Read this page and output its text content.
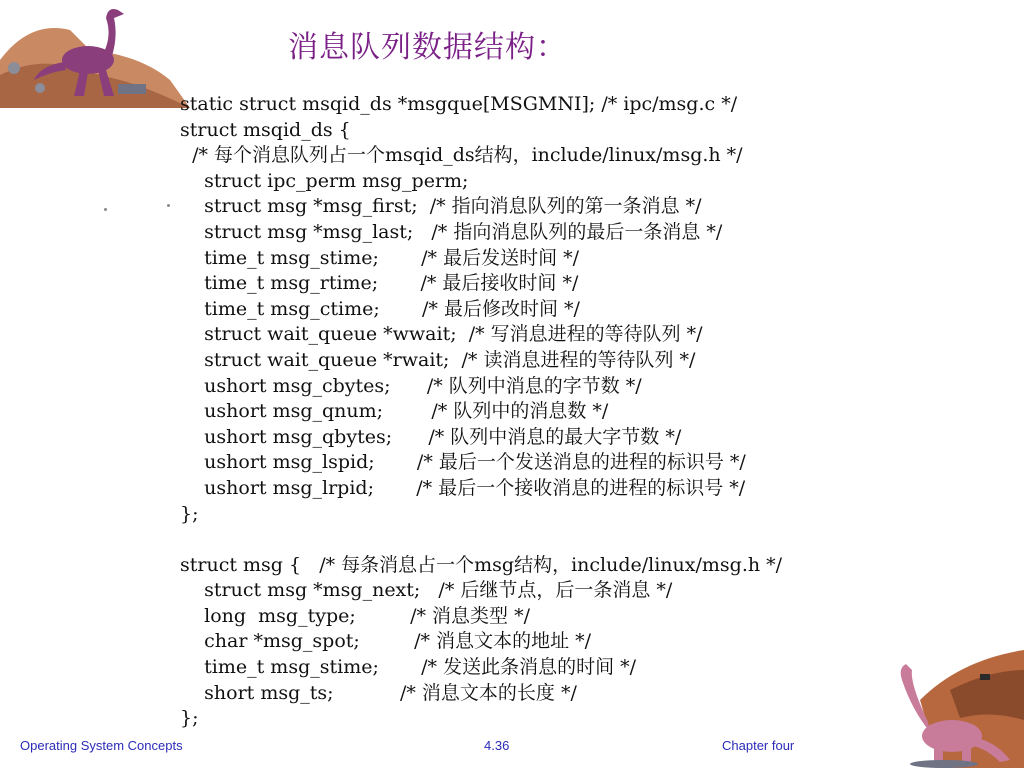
消息队列数据结构：
static struct msqid_ds *msgque[MSGMNI]; /* ipc/msg.c */
struct msqid_ds {
/* 每个消息队列占一个msqid_ds结构，include/linux/msg.h */
struct ipc_perm msg_perm;
struct msg *msg_first;  /* 指向消息队列的第一条消息 */
struct msg *msg_last;   /* 指向消息队列的最后一条消息 */
time_t msg_stime;       /* 最后发送时间 */
time_t msg_rtime;       /* 最后接收时间 */
time_t msg_ctime;       /* 最后修改时间 */
struct wait_queue *wwait;  /* 写消息进程的等待队列 */
struct wait_queue *rwait;  /* 读消息进程的等待队列 */
ushort msg_cbytes;      /* 队列中消息的字节数 */
ushort msg_qnum;        /* 队列中的消息数 */
ushort msg_qbytes;      /* 队列中消息的最大字节数 */
ushort msg_lspid;       /* 最后一个发送消息的进程的标识号 */
ushort msg_lrpid;       /* 最后一个接收消息的进程的标识号 */
};
struct msg {   /* 每条消息占一个msg结构，include/linux/msg.h */
struct msg *msg_next;   /* 后继节点，后一条消息 */
long  msg_type;         /* 消息类型 */
char *msg_spot;         /* 消息文本的地址 */
time_t msg_stime;       /* 发送此条消息的时间 */
short msg_ts;           /* 消息文本的长度 */
};
Operating System Concepts	4.36	Chapter four
